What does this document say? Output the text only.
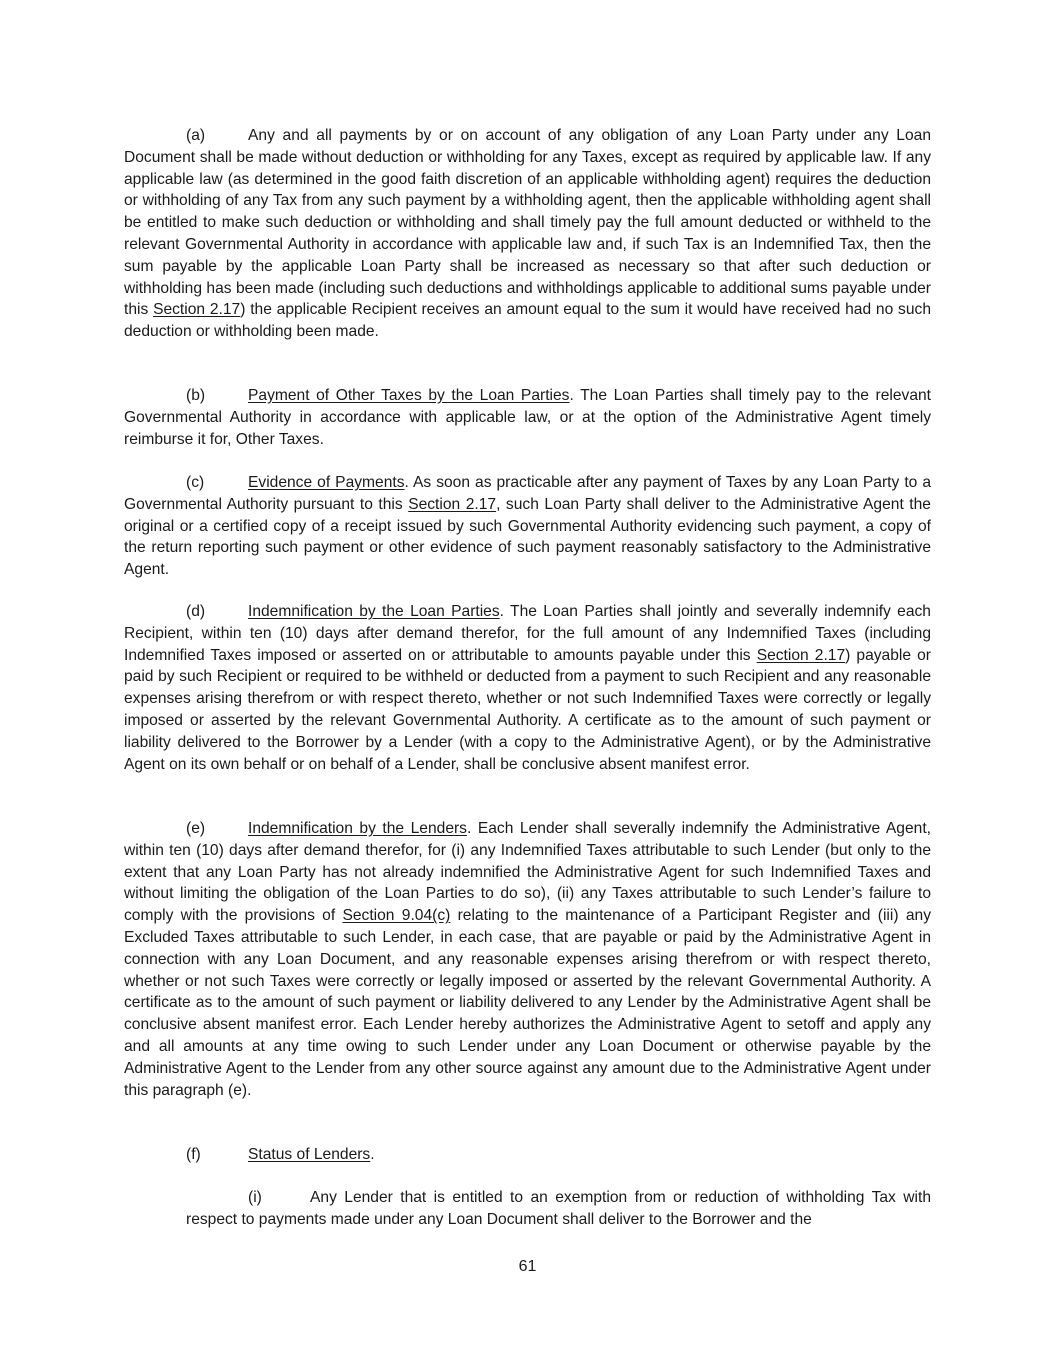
(a)	Any and all payments by or on account of any obligation of any Loan Party under any Loan Document shall be made without deduction or withholding for any Taxes, except as required by applicable law. If any applicable law (as determined in the good faith discretion of an applicable withholding agent) requires the deduction or withholding of any Tax from any such payment by a withholding agent, then the applicable withholding agent shall be entitled to make such deduction or withholding and shall timely pay the full amount deducted or withheld to the relevant Governmental Authority in accordance with applicable law and, if such Tax is an Indemnified Tax, then the sum payable by the applicable Loan Party shall be increased as necessary so that after such deduction or withholding has been made (including such deductions and withholdings applicable to additional sums payable under this Section 2.17) the applicable Recipient receives an amount equal to the sum it would have received had no such deduction or withholding been made.

(b)	Payment of Other Taxes by the Loan Parties. The Loan Parties shall timely pay to the relevant Governmental Authority in accordance with applicable law, or at the option of the Administrative Agent timely reimburse it for, Other Taxes.

(c)	Evidence of Payments. As soon as practicable after any payment of Taxes by any Loan Party to a Governmental Authority pursuant to this Section 2.17, such Loan Party shall deliver to the Administrative Agent the original or a certified copy of a receipt issued by such Governmental Authority evidencing such payment, a copy of the return reporting such payment or other evidence of such payment reasonably satisfactory to the Administrative Agent.

(d)	Indemnification by the Loan Parties. The Loan Parties shall jointly and severally indemnify each Recipient, within ten (10) days after demand therefor, for the full amount of any Indemnified Taxes (including Indemnified Taxes imposed or asserted on or attributable to amounts payable under this Section 2.17) payable or paid by such Recipient or required to be withheld or deducted from a payment to such Recipient and any reasonable expenses arising therefrom or with respect thereto, whether or not such Indemnified Taxes were correctly or legally imposed or asserted by the relevant Governmental Authority. A certificate as to the amount of such payment or liability delivered to the Borrower by a Lender (with a copy to the Administrative Agent), or by the Administrative Agent on its own behalf or on behalf of a Lender, shall be conclusive absent manifest error.

(e)	Indemnification by the Lenders. Each Lender shall severally indemnify the Administrative Agent, within ten (10) days after demand therefor, for (i) any Indemnified Taxes attributable to such Lender (but only to the extent that any Loan Party has not already indemnified the Administrative Agent for such Indemnified Taxes and without limiting the obligation of the Loan Parties to do so), (ii) any Taxes attributable to such Lender’s failure to comply with the provisions of Section 9.04(c) relating to the maintenance of a Participant Register and (iii) any Excluded Taxes attributable to such Lender, in each case, that are payable or paid by the Administrative Agent in connection with any Loan Document, and any reasonable expenses arising therefrom or with respect thereto, whether or not such Taxes were correctly or legally imposed or asserted by the relevant Governmental Authority. A certificate as to the amount of such payment or liability delivered to any Lender by the Administrative Agent shall be conclusive absent manifest error. Each Lender hereby authorizes the Administrative Agent to setoff and apply any and all amounts at any time owing to such Lender under any Loan Document or otherwise payable by the Administrative Agent to the Lender from any other source against any amount due to the Administrative Agent under this paragraph (e).

(f)	Status of Lenders.

(i)	Any Lender that is entitled to an exemption from or reduction of withholding Tax with respect to payments made under any Loan Document shall deliver to the Borrower and the

61
